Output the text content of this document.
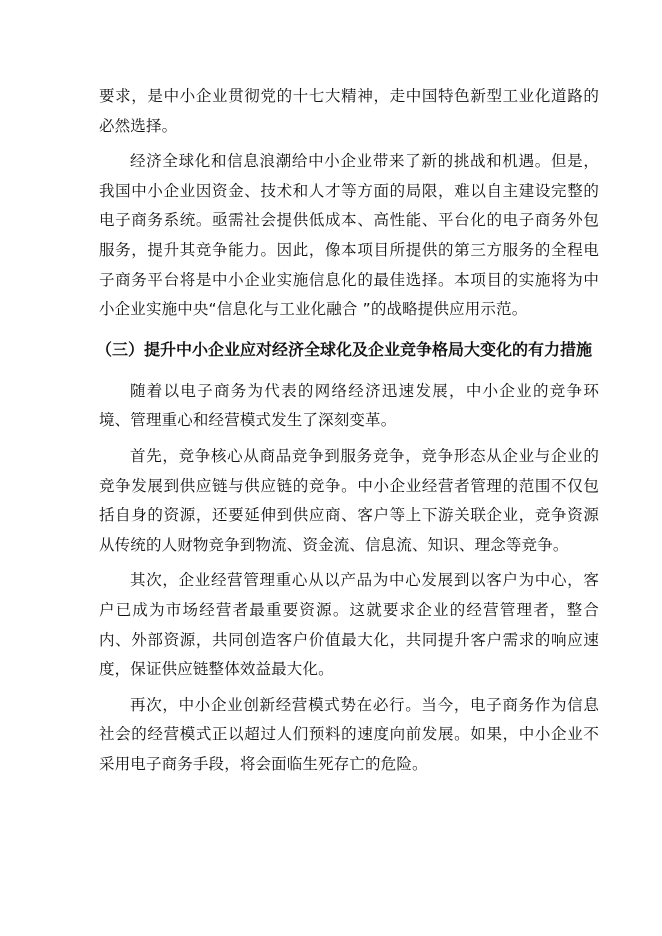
要求，是中小企业贯彻党的十七大精神，走中国特色新型工业化道路的必然选择。

经济全球化和信息浪潮给中小企业带来了新的挑战和机遇。但是，我国中小企业因资金、技术和人才等方面的局限，难以自主建设完整的电子商务系统。亟需社会提供低成本、高性能、平台化的电子商务外包服务，提升其竞争能力。因此，像本项目所提供的第三方服务的全程电子商务平台将是中小企业实施信息化的最佳选择。本项目的实施将为中小企业实施中央“信息化与工业化融合 ”的战略提供应用示范。

（三）提升中小企业应对经济全球化及企业竞争格局大变化的有力措施

随着以电子商务为代表的网络经济迅速发展，中小企业的竞争环境、管理重心和经营模式发生了深刻变革。

首先，竞争核心从商品竞争到服务竞争，竞争形态从企业与企业的竞争发展到供应链与供应链的竞争。中小企业经营者管理的范围不仅包括自身的资源，还要延伸到供应商、客户等上下游关联企业，竞争资源从传统的人财物竞争到物流、资金流、信息流、知识、理念等竞争。

其次，企业经营管理重心从以产品为中心发展到以客户为中心，客户已成为市场经营者最重要资源。这就要求企业的经营管理者，整合内、外部资源，共同创造客户价值最大化，共同提升客户需求的响应速度，保证供应链整体效益最大化。

再次，中小企业创新经营模式势在必行。当今，电子商务作为信息社会的经营模式正以超过人们预料的速度向前发展。如果，中小企业不采用电子商务手段，将会面临生死存亡的危险。
